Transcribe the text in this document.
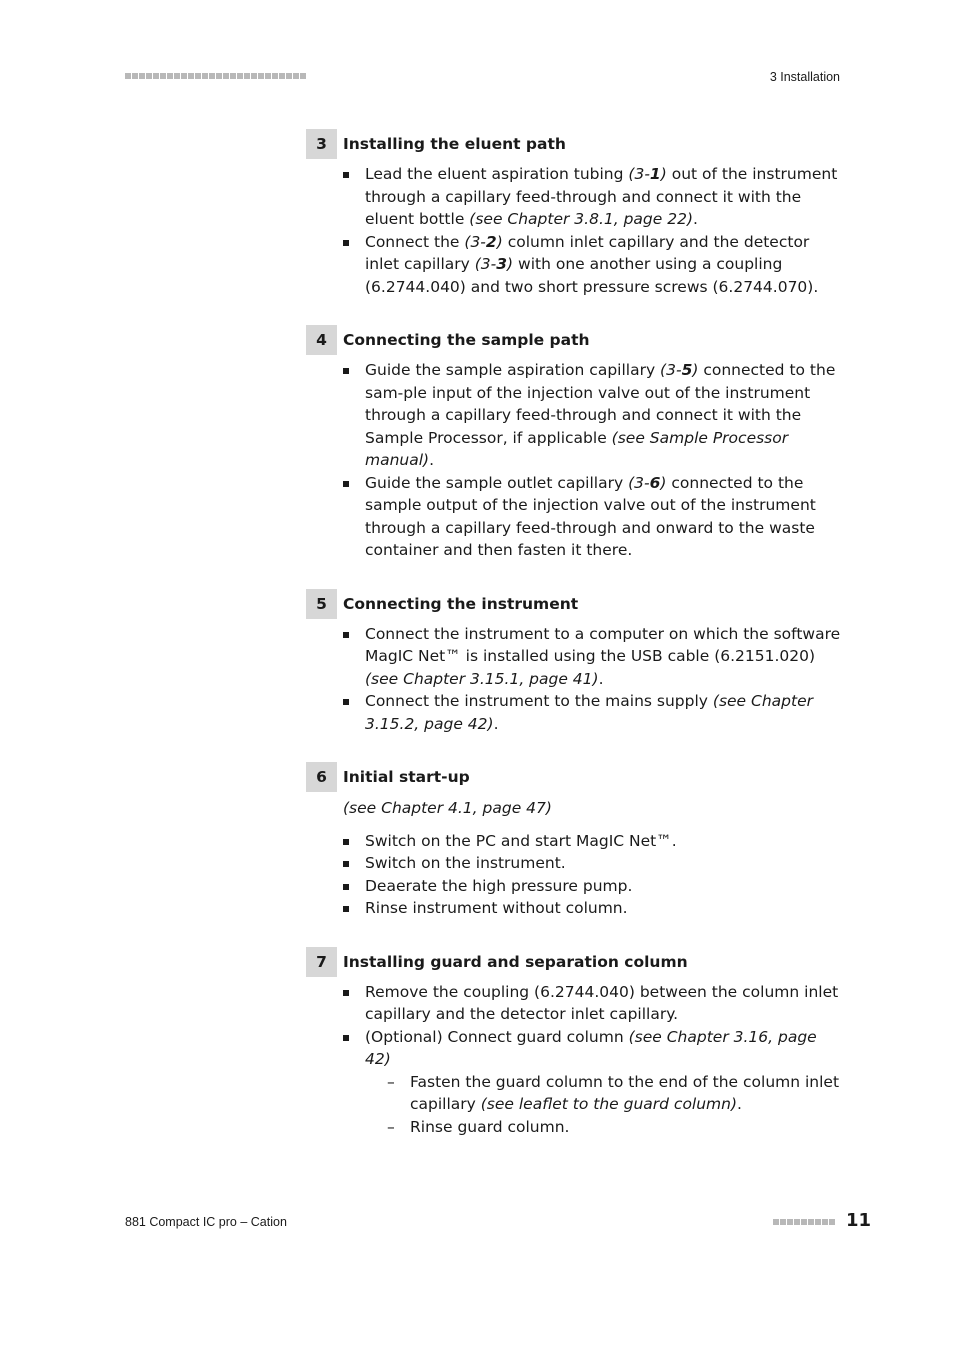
3 Installation
3	Installing the eluent path
Lead the eluent aspiration tubing (3-1) out of the instrument through a capillary feed-through and connect it with the eluent bottle (see Chapter 3.8.1, page 22).
Connect the (3-2) column inlet capillary and the detector inlet capillary (3-3) with one another using a coupling (6.2744.040) and two short pressure screws (6.2744.070).
4	Connecting the sample path
Guide the sample aspiration capillary (3-5) connected to the sam-ple input of the injection valve out of the instrument through a capillary feed-through and connect it with the Sample Processor, if applicable (see Sample Processor manual).
Guide the sample outlet capillary (3-6) connected to the sample output of the injection valve out of the instrument through a capillary feed-through and onward to the waste container and then fasten it there.
5	Connecting the instrument
Connect the instrument to a computer on which the software MagIC Net™ is installed using the USB cable (6.2151.020) (see Chapter 3.15.1, page 41).
Connect the instrument to the mains supply (see Chapter 3.15.2, page 42).
6	Initial start-up
(see Chapter 4.1, page 47)
Switch on the PC and start MagIC Net™.
Switch on the instrument.
Deaerate the high pressure pump.
Rinse instrument without column.
7	Installing guard and separation column
Remove the coupling (6.2744.040) between the column inlet capillary and the detector inlet capillary.
(Optional) Connect guard column (see Chapter 3.16, page 42)
– Fasten the guard column to the end of the column inlet capillary (see leaflet to the guard column).
– Rinse guard column.
881 Compact IC pro – Cation	11
